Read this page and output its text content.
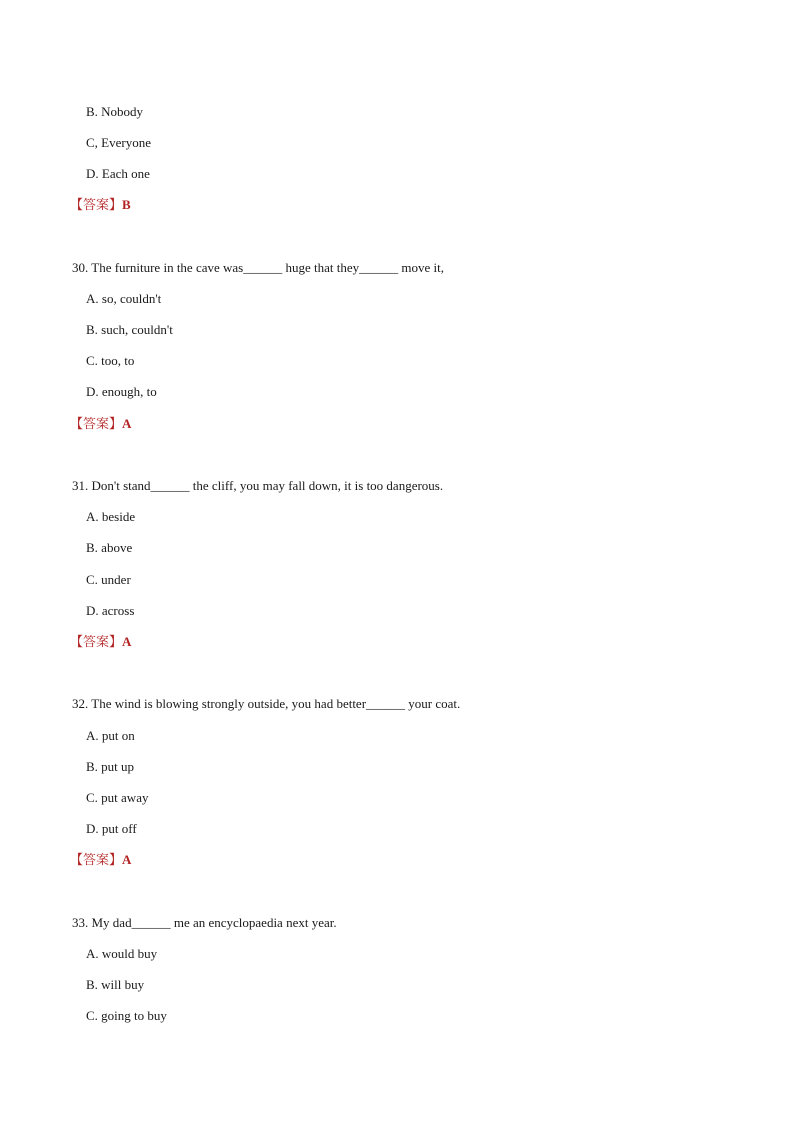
B. Nobody
C, Everyone
D. Each one
【答案】B
30. The furniture in the cave was______ huge that they______ move it,
A. so, couldn't
B. such, couldn't
C. too, to
D. enough, to
【答案】A
31. Don't stand______ the cliff, you may fall down, it is too dangerous.
A. beside
B. above
C. under
D. across
【答案】A
32. The wind is blowing strongly outside, you had better______ your coat.
A. put on
B. put up
C. put away
D. put off
【答案】A
33. My dad______ me an encyclopaedia next year.
A. would buy
B. will buy
C. going to buy
